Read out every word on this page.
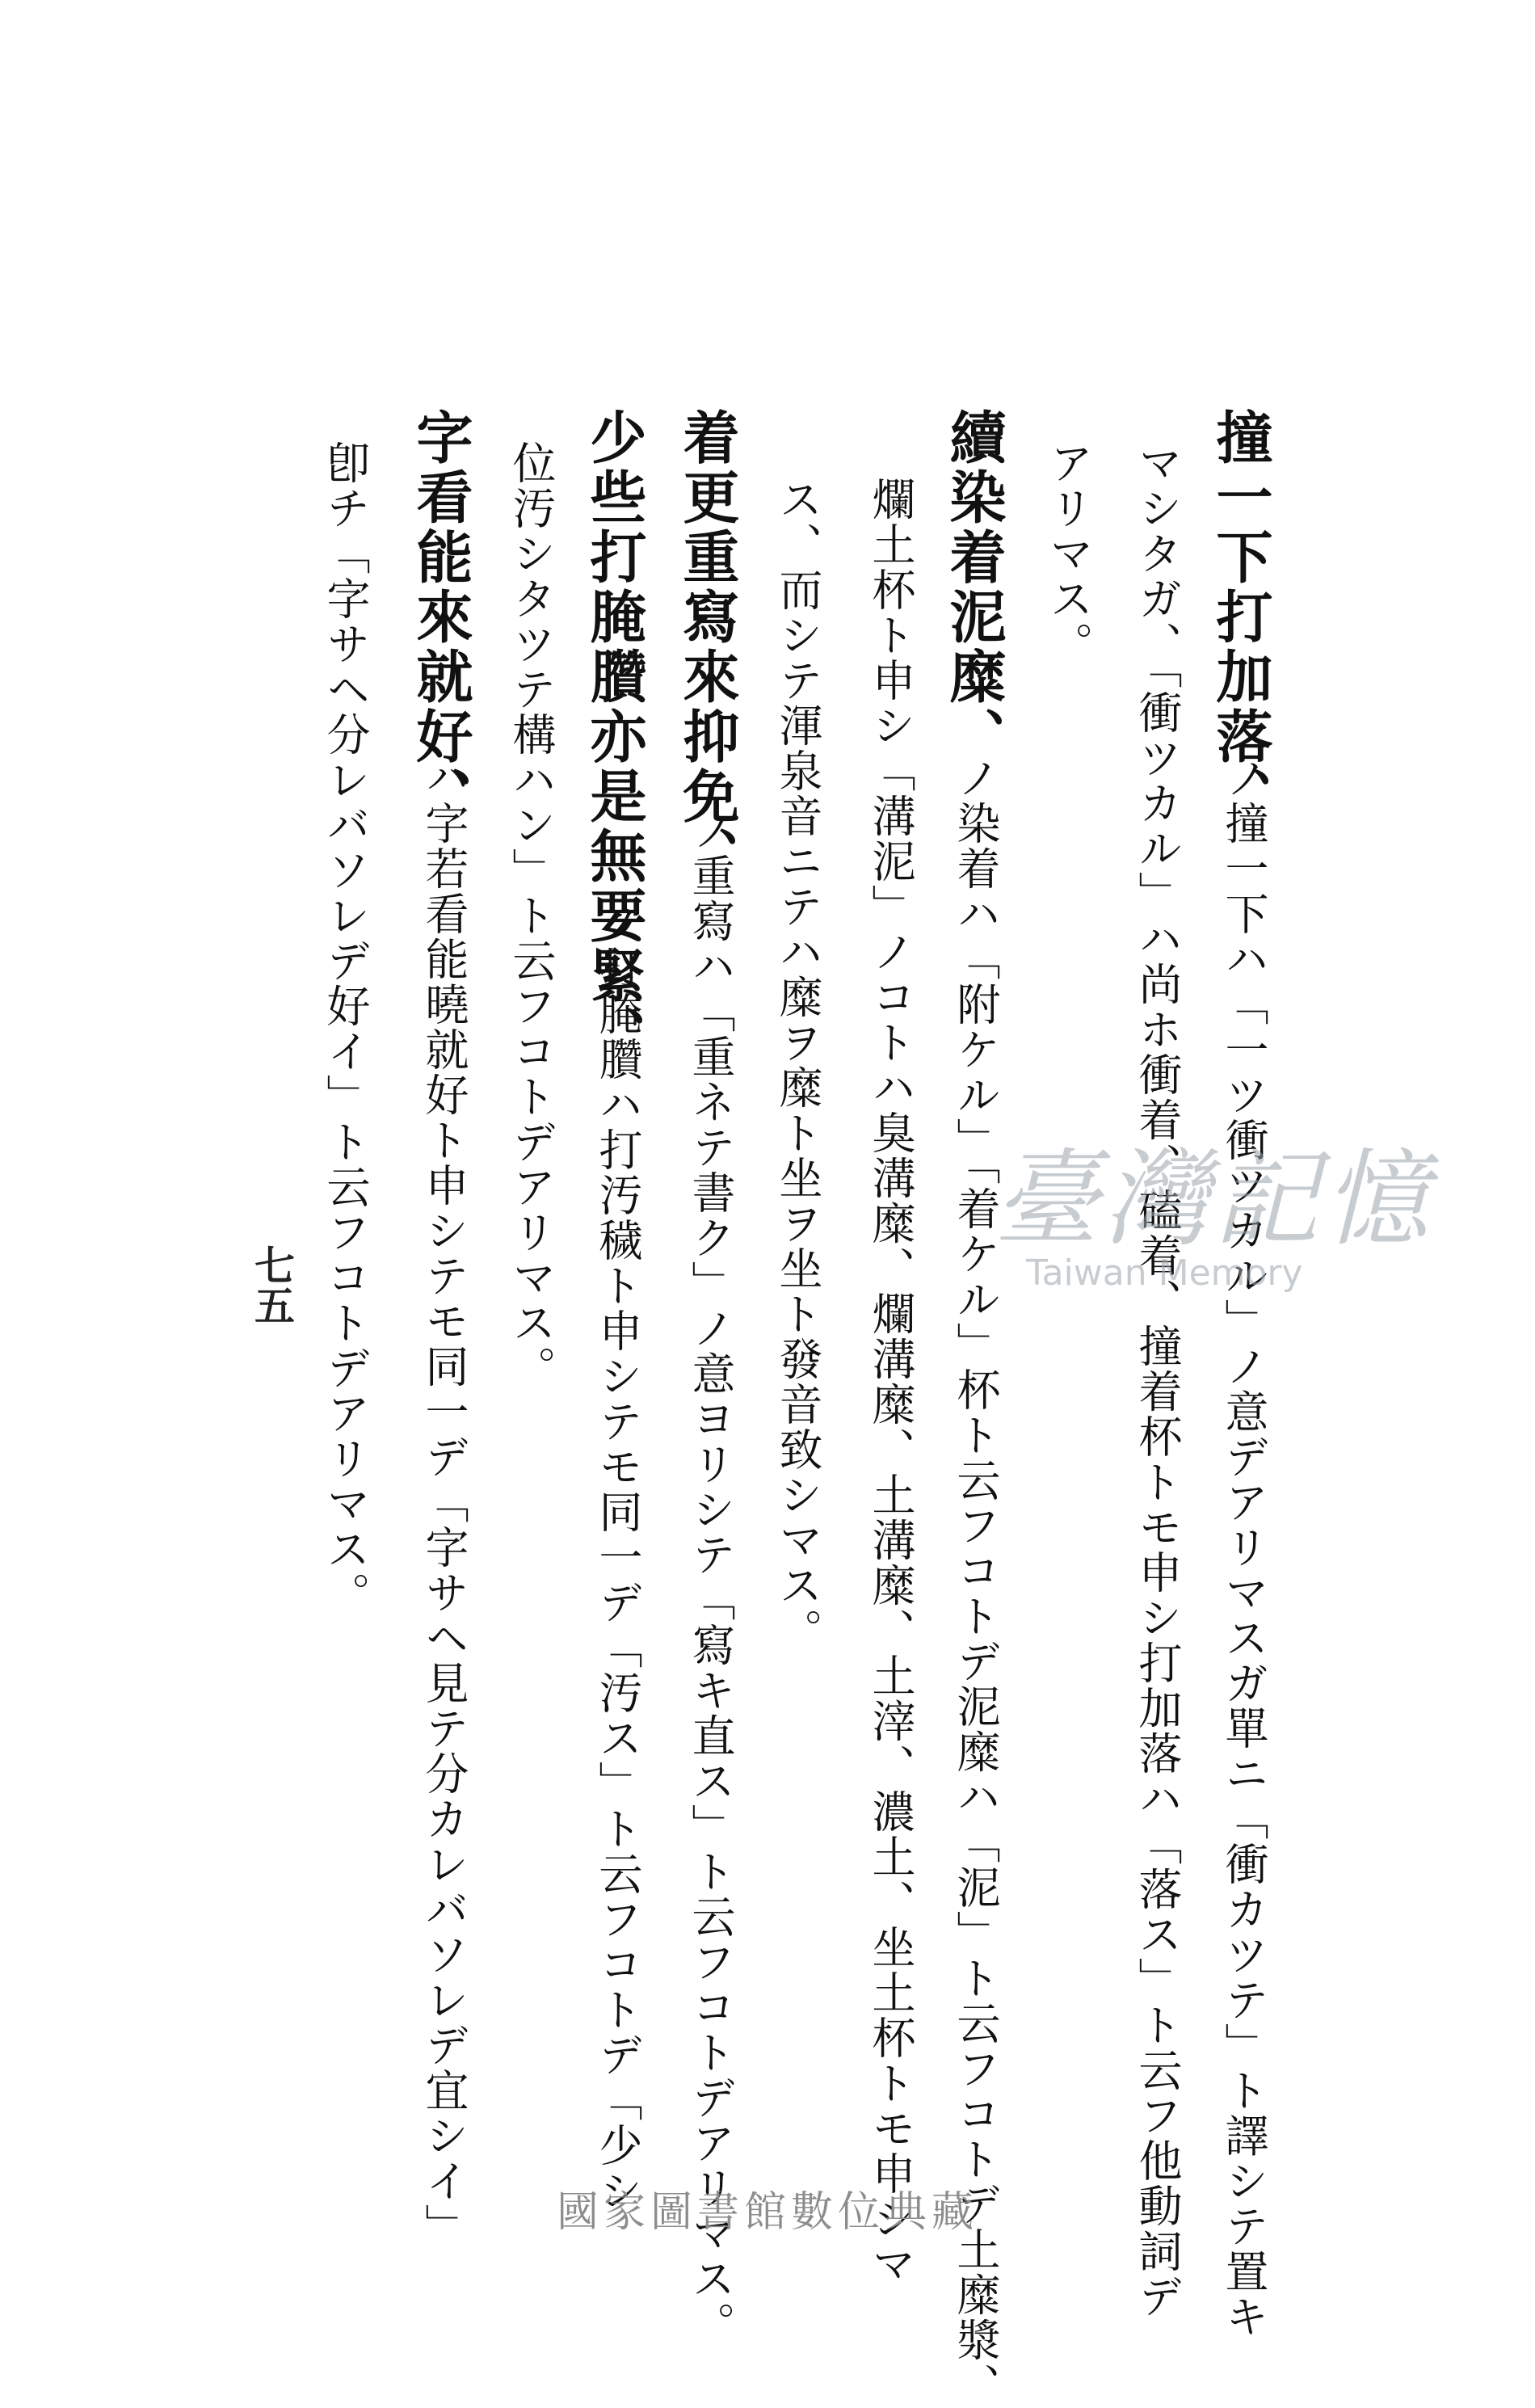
撞一下打加落、
ノ撞一下ハ「一ツ衝ツカル」ノ意デアリマスガ單ニ「衝カツテ」ト譯シテ置キ
マシタガ、「衝ツカル」ハ尚ホ衝着、磕着、撞着杯トモ申シ打加落ハ「落ス」ト云フ他動詞デ
アリマス。
續染着泥糜、
ノ染着ハ「附ケル」「着ケル」杯ト云フコトデ泥糜ハ「泥」ト云フコトデ土糜漿、
爛土杯ト申シ「溝泥」ノコトハ臭溝糜、爛溝糜、土溝糜、土滓、濃土、坐土杯トモ申シマ
ス、而シテ渾泉音ニテハ糜ヲ糜ト坐ヲ坐ト發音致シマス。
着更重寫來抑免、
ノ重寫ハ「重ネテ書ク」ノ意ヨリシテ「寫キ直ス」ト云フコトデアリマス。
少些打腌臢亦是無要緊、
ノ打腌臢ハ打汚穢ト申シテモ同一デ「汚ス」ト云フコトデ「少シ
位汚シタツテ構ハン」ト云フコトデアリマス。
字看能來就好、
ハ字若看能曉就好ト申シテモ同一デ「字サヘ見テ分カレバソレデ宜シイ」
卽チ「字サヘ分レバソレデ好イ」ト云フコトデアリマス。
七五
臺灣記憶
Taiwan Memory
國家圖書館數位典藏
